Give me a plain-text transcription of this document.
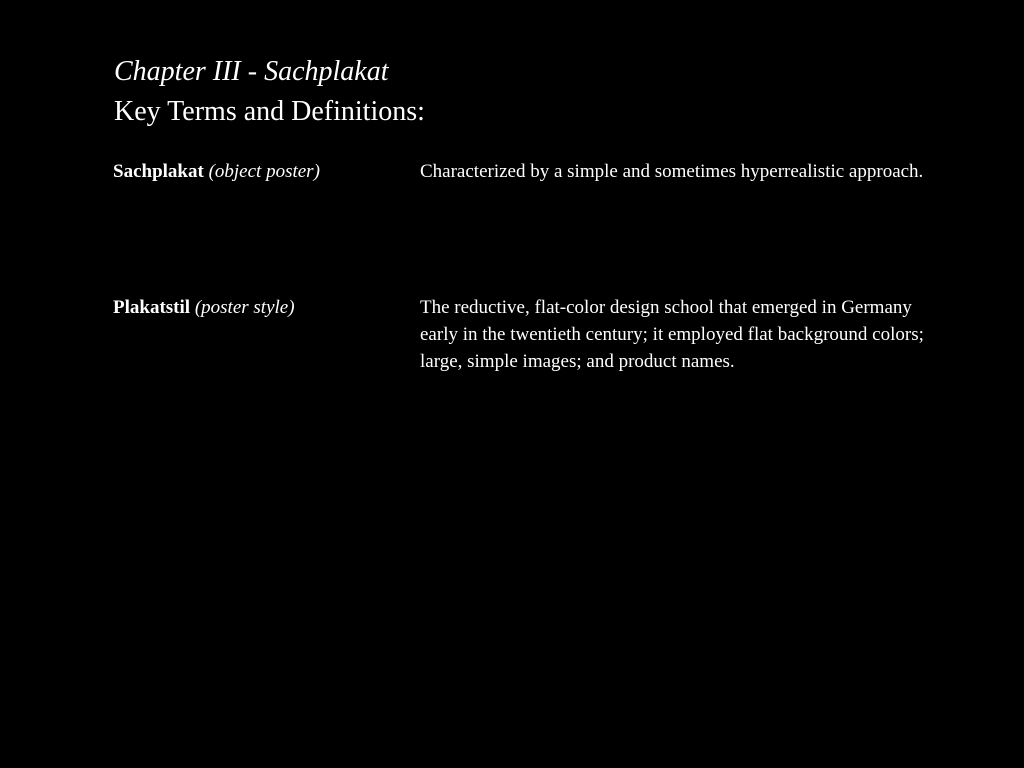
Chapter III - Sachplakat
Key Terms and Definitions:
Sachplakat (object poster)	Characterized by a simple and sometimes hyperrealistic approach.
Plakatstil (poster style)	The reductive, flat-color design school that emerged in Germany early in the twentieth century; it employed flat background colors; large, simple images; and product names.
